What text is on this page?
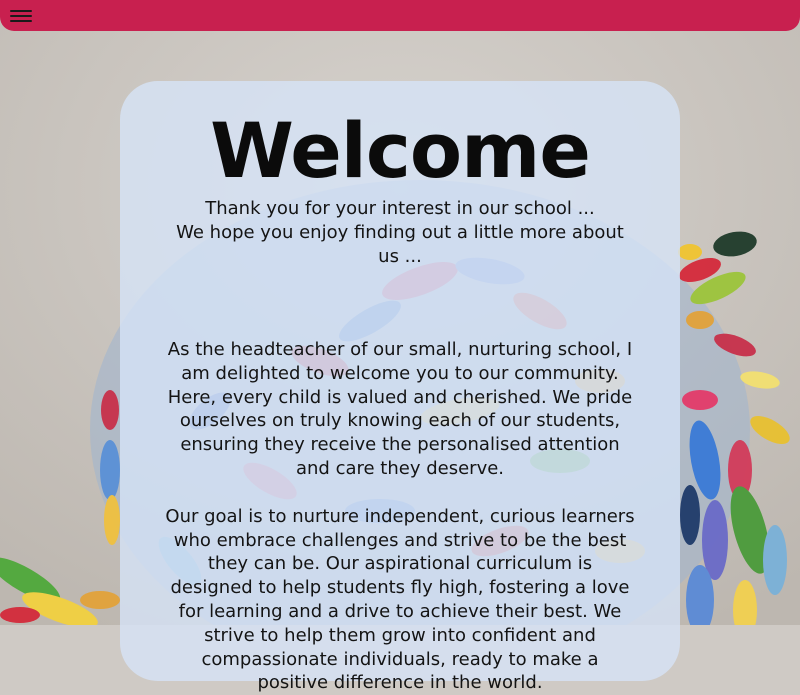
Welcome
Thank you for your interest in our school ...
We hope you enjoy finding out a little more about us ...

As the headteacher of our small, nurturing school, I am delighted to welcome you to our community. Here, every child is valued and cherished. We pride ourselves on truly knowing each of our students, ensuring they receive the personalised attention and care they deserve.

Our goal is to nurture independent, curious learners who embrace challenges and strive to be the best they can be. Our aspirational curriculum is designed to help students fly high, fostering a love for learning and a drive to achieve their best. We strive to help them grow into confident and compassionate individuals, ready to make a positive difference in the world.
